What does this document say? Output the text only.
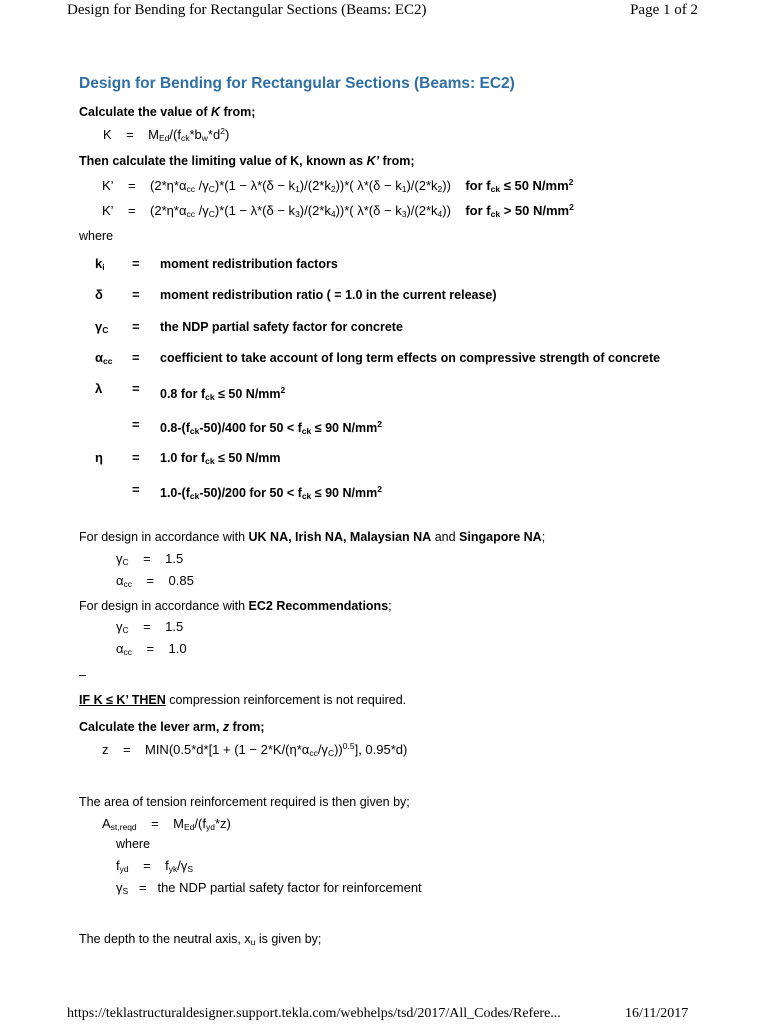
Design for Bending for Rectangular Sections (Beams: EC2)	Page 1 of 2
Design for Bending for Rectangular Sections (Beams: EC2)
Calculate the value of K from;
K =    $M_{Ed}/(f_{ck}*b_w*d^2)$
Then calculate the limiting value of K, known as K’ from;
K’ =    ($2*\eta*\alpha_{cc}$ $/\gamma_C)*(1 - \lambda*(\delta - k_1)/(2*k_2))*$( $\lambda*(\delta - k_1)/(2*k_2)$)    for $f_{ck} \le 50$ $N/mm^2$
K’ =    ($2*\eta*\alpha_{cc}$ $/\gamma_C)*(1 - \lambda*(\delta - k_3)/(2*k_4))*$( $\lambda*(\delta - k_3)/(2*k_4)$)    for $f_{ck} > 50$ $N/mm^2$
where
$k_i$ = moment redistribution factors
δ = moment redistribution ratio ( = 1.0 in the current release)
$\gamma_C$ = the NDP partial safety factor for concrete
$\alpha_{cc}$ = coefficient to take account of long term effects on compressive strength of concrete
λ = 0.8 for $f_{ck} \le 50$ $N/mm^2$
= $0.8-(f_{ck}-50)/400$ for $50 < f_{ck} \le 90$ $N/mm^2$
η = 1.0 for $f_{ck} \le 50$ N/mm
= $1.0-(f_{ck}-50)/200$ for $50 < f_{ck} \le 90$ $N/mm^2$
For design in accordance with UK NA, Irish NA, Malaysian NA and Singapore NA;
$\gamma_C = 1.5$
$\alpha_{cc} = 0.85$
For design in accordance with EC2 Recommendations;
$\gamma_C = 1.5$
$\alpha_{cc} = 1.0$
–
IF K ≤ K’ THEN compression reinforcement is not required.
Calculate the lever arm, z from;
z =    $MIN(0.5*d*[1 + (1 - 2*K/(\eta*\alpha_{cc}/\gamma_C))^{0.5}]$, 0.95*d)
The area of tension reinforcement required is then given by;
$A_{st,reqd}$ =    $M_{Ed}/(f_{yd}*z)$
where
$f_{yd}$ =    $f_{yk}/\gamma_S$
$\gamma_S$ = the NDP partial safety factor for reinforcement
The depth to the neutral axis, $x_u$ is given by;
https://teklastructuraldesigner.support.tekla.com/webhelps/tsd/2017/All_Codes/Refere...	16/11/2017
